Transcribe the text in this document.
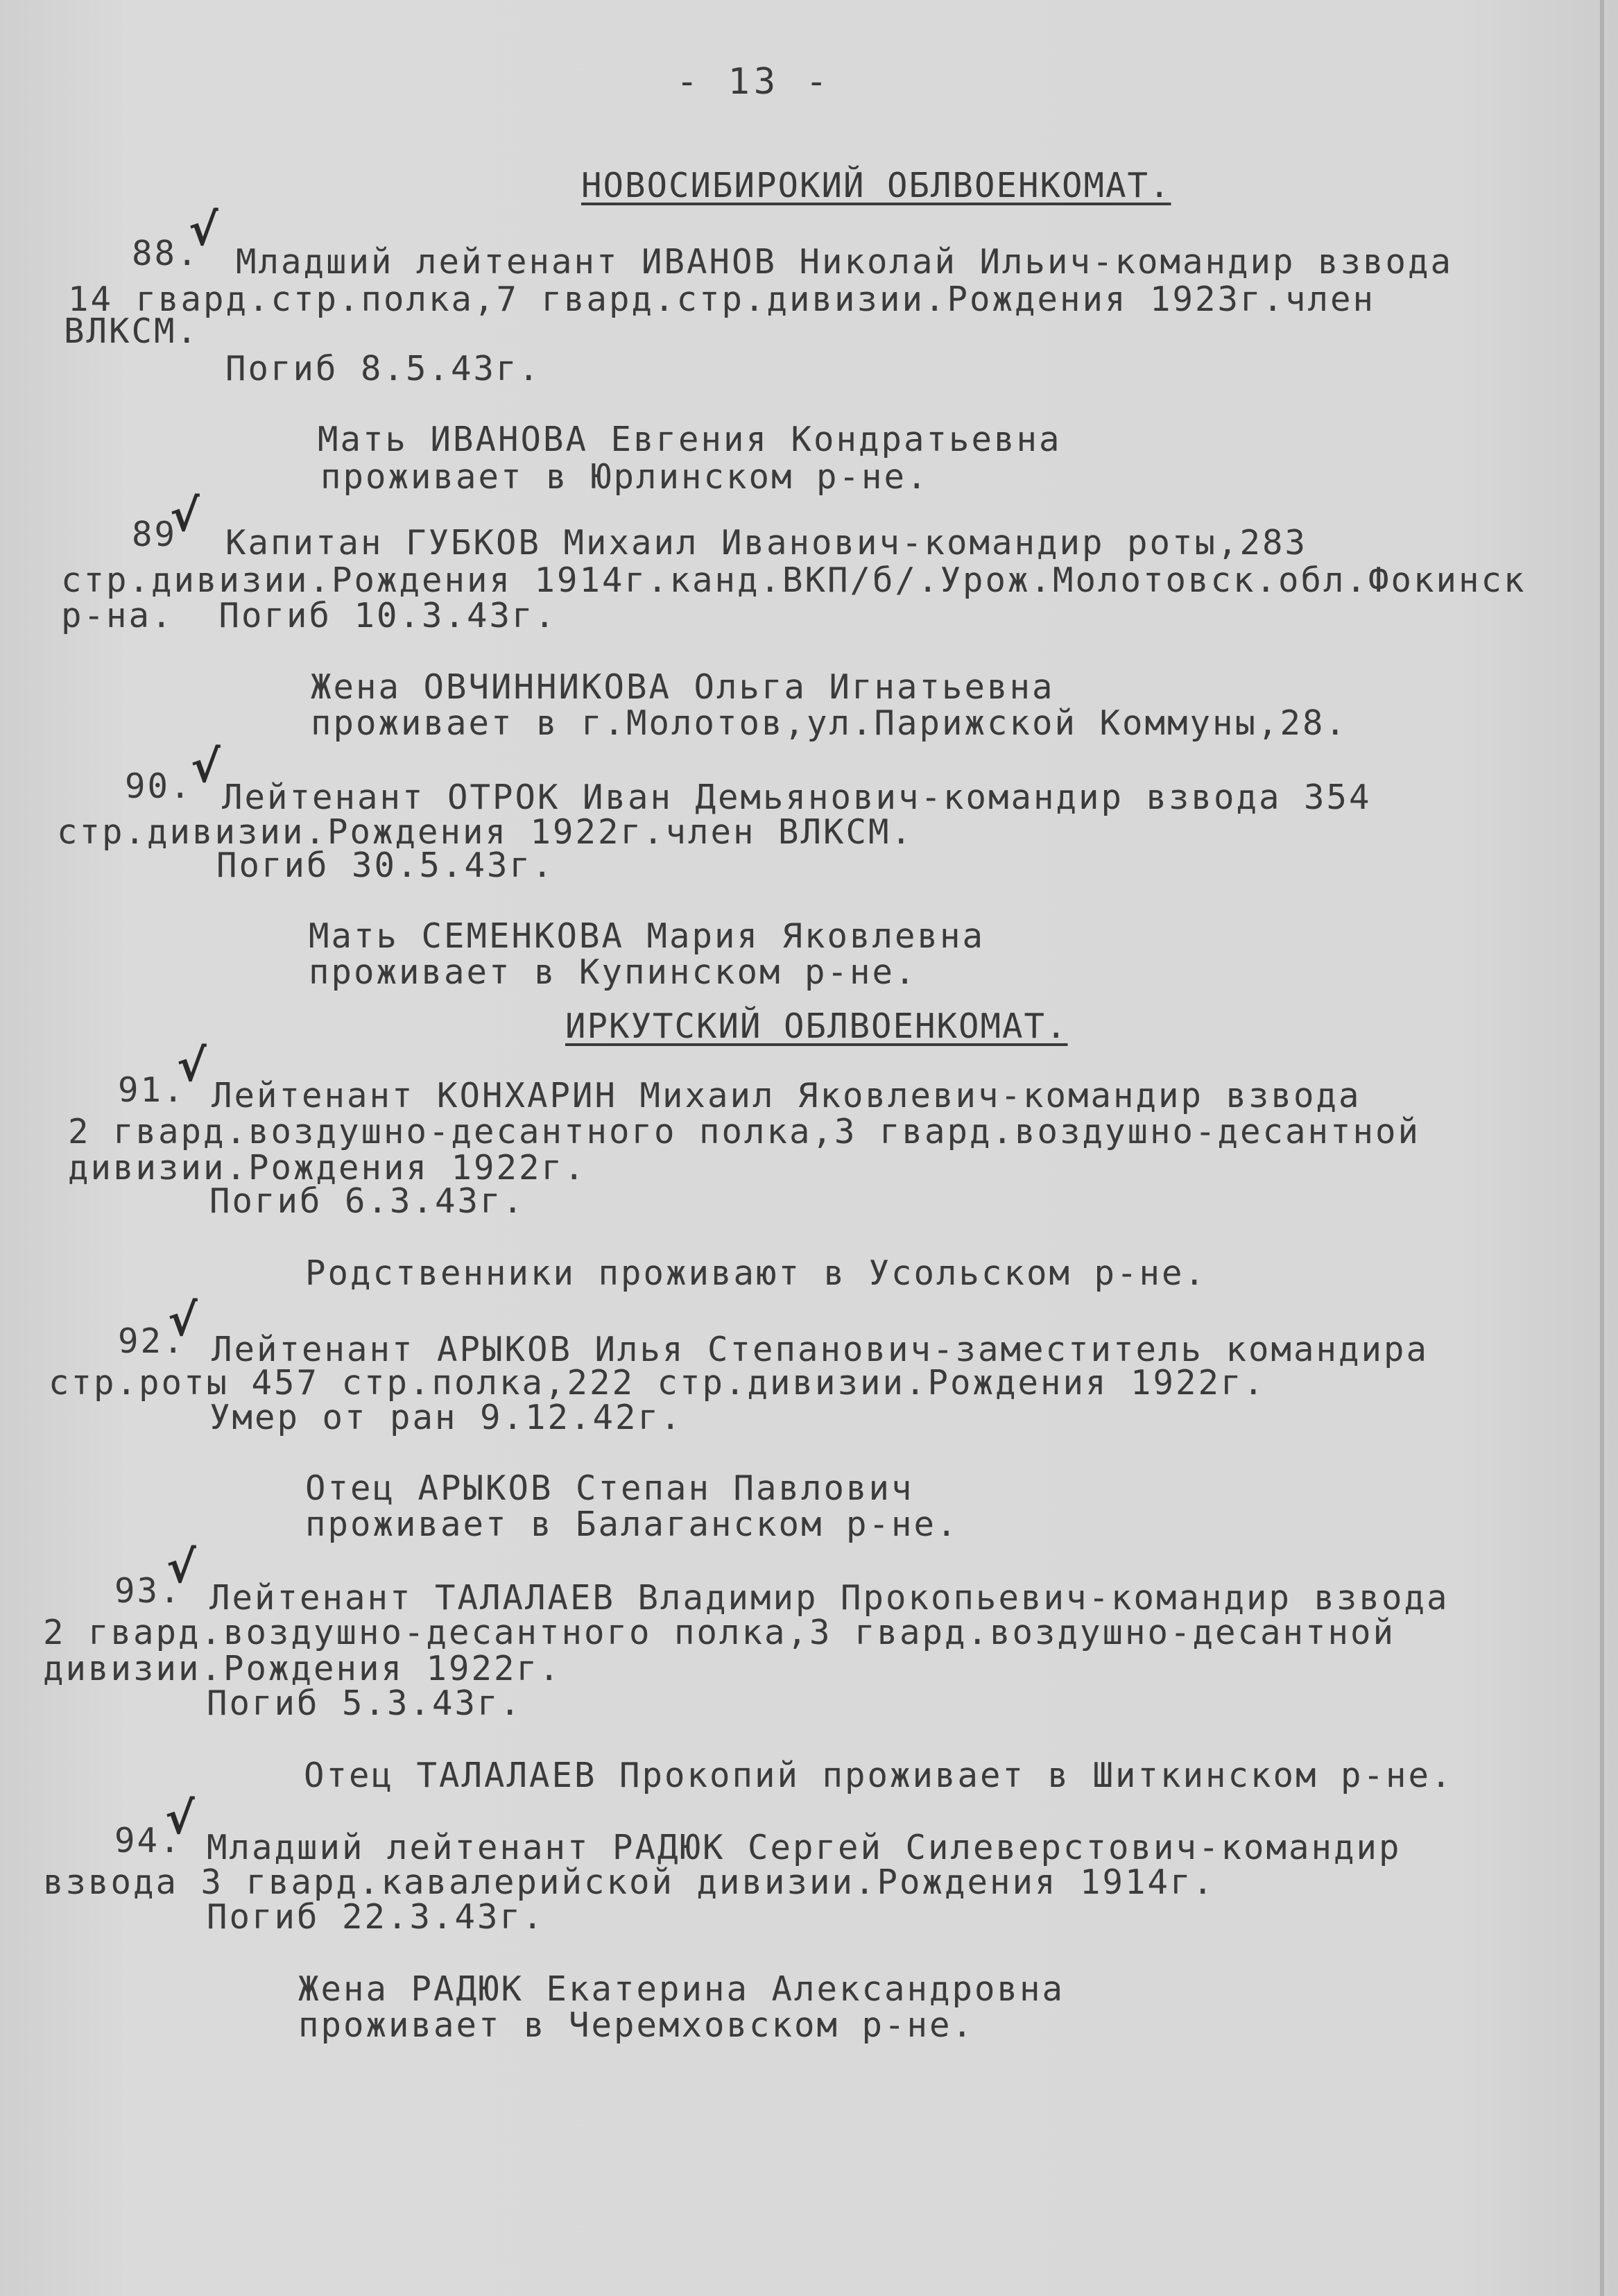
- 13 -
НОВОСИБИРОКИЙ ОБЛВОЕНКОМАТ.
88.
√
Младший лейтенант ИВАНОВ Николай Ильич-командир взвода
14 гвард.стр.полка,7 гвард.стр.дивизии.Рождения 1923г.член
ВЛКСМ.
Погиб 8.5.43г.
Мать ИВАНОВА Евгения Кондратьевна
проживает в Юрлинском р-не.
89
√
Капитан ГУБКОВ Михаил Иванович-командир роты,283
стр.дивизии.Рождения 1914г.канд.ВКП/б/.Урож.Молотовск.обл.Фокинск
р-на.  Погиб 10.3.43г.
Жена ОВЧИННИКОВА Ольга Игнатьевна
проживает в г.Молотов,ул.Парижской Коммуны,28.
90.
√
Лейтенант ОТРОК Иван Демьянович-командир взвода 354
стр.дивизии.Рождения 1922г.член ВЛКСМ.
Погиб 30.5.43г.
Мать СЕМЕНКОВА Мария Яковлевна
проживает в Купинском р-не.
ИРКУТСКИЙ ОБЛВОЕНКОМАТ.
91.
√
Лейтенант КОНХАРИН Михаил Яковлевич-командир взвода
2 гвард.воздушно-десантного полка,3 гвард.воздушно-десантной
дивизии.Рождения 1922г.
Погиб 6.3.43г.
Родственники проживают в Усольском р-не.
92.
√
Лейтенант АРЫКОВ Илья Степанович-заместитель командира
стр.роты 457 стр.полка,222 стр.дивизии.Рождения 1922г.
Умер от ран 9.12.42г.
Отец АРЫКОВ Степан Павлович
проживает в Балаганском р-не.
93.
√
Лейтенант ТАЛАЛАЕВ Владимир Прокопьевич-командир взвода
2 гвард.воздушно-десантного полка,3 гвард.воздушно-десантной
дивизии.Рождения 1922г.
Погиб 5.3.43г.
Отец ТАЛАЛАЕВ Прокопий проживает в Шиткинском р-не.
94.
√
Младший лейтенант РАДЮК Сергей Силеверстович-командир
взвода 3 гвард.кавалерийской дивизии.Рождения 1914г.
Погиб 22.3.43г.
Жена РАДЮК Екатерина Александровна
проживает в Черемховском р-не.
